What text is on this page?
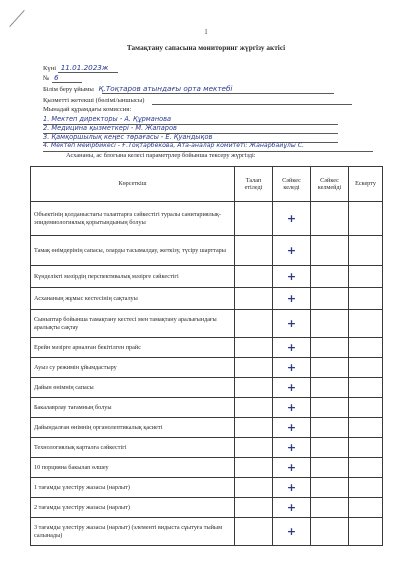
1
Тамақтану сапасына мониторинг жүргізу актісі
Күні 11.01.2023ж
№ 6
Білім беру ұйымы Қ.Тоқтаров атындағы орта мектебі
Қызметті жетекші (бөлімі/ыншысы)
Мынадай құрамдағы комиссия:
1. Мектеп директоры - А. Құрманова
2. Медицина қызметкері - М. Жапаров
3. Қамқоршылық кеңес төрағасы - Е. Қуандықов
4. Мектеп мейірбикесі - Ғ.Тоқтарбекова, Ата-аналар комитеті: Жанарбайұлы С.
Асхананы, ас блогына келесі параметрлер бойынша тексеру жүргізді:
Көрсеткіш	Талап етіледі	Сәйкес келеді	Сәйкес келмейді	Ескерту
Объектінің қолданыстағы талаптарға сәйкестігі туралы санитариялық-эпидемиологиялық қорытындының болуы		+		
Тамақ өнімдерінің сапасы, оларды тасымалдау, жеткізу, түсіру шарттары		+		
Күнделікті мәзірдің перспективалық мәзірге сәйкестігі		+		
Асхананың жұмыс кестесінің сақталуы		+		
Сыныптар бойынша тамақтану кестесі мен тамақтану аралығындағы аралықты сақтау		+		
Ерейн мәзірге арналған бекітілген прайс		+		
Ауыз су режимін ұйымдастыру		+		
Дайын өнімнің сапасы		+		
Бакалаврлау тағамның болуы		+		
Дайындалған өнімнің органолептикалық қасиеті		+		
Технологиялық карталға сәйкестігі		+		
10 порцияна бакылап өлшеу		+		
1 тағамды үлестіру жазасы (нарлыт)		+		
2 тағамды үлестіру жазасы (нарлыт)		+		
3 тағамды үлестіру жазасы (нарлыт) (элементі видыста сұытуға тыйым салынады)		+		
